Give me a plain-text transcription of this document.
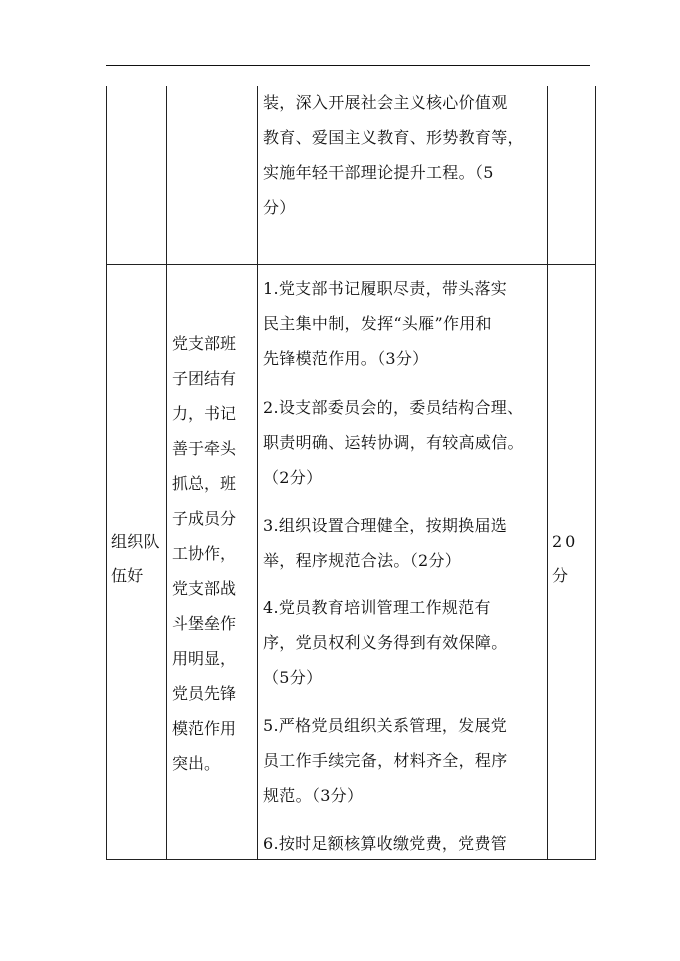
装，深入开展社会主义核心价值观
教育、爱国主义教育、形势教育等，
实施年轻干部理论提升工程。（5
分）
组织队
伍好
党支部班
子团结有
力，书记
善于牵头
抓总，班
子成员分
工协作，
党支部战
斗堡垒作
用明显，
党员先锋
模范作用
突出。
1.党支部书记履职尽责，带头落实
民主集中制，发挥“头雁”作用和
先锋模范作用。（3分）
2.设支部委员会的，委员结构合理、
职责明确、运转协调，有较高威信。
（2分）
3.组织设置合理健全，按期换届选
举，程序规范合法。（2分）
4.党员教育培训管理工作规范有
序，党员权利义务得到有效保障。
（5分）
5.严格党员组织关系管理，发展党
员工作手续完备，材料齐全，程序
规范。（3分）
6.按时足额核算收缴党费，党费管
20
分
